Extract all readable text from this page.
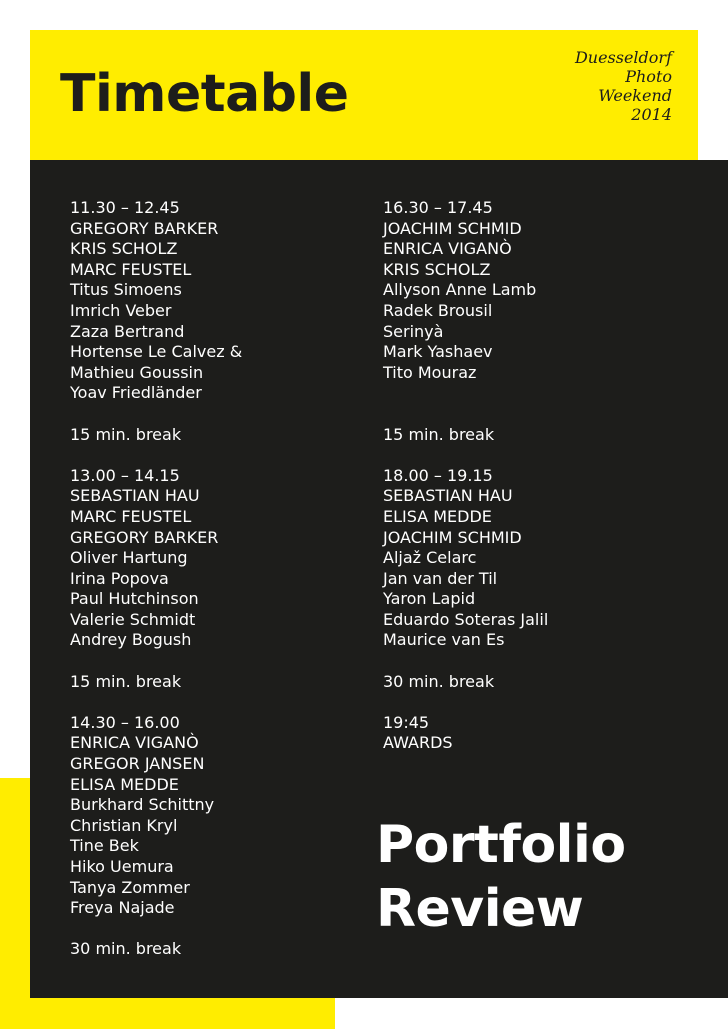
Timetable
Duesseldorf
Photo
Weekend
2014
11.30 – 12.45
GREGORY BARKER
KRIS SCHOLZ
MARC FEUSTEL
Titus Simoens
Imrich Veber
Zaza Bertrand
Hortense Le Calvez &
Mathieu Goussin
Yoav Friedländer
15 min. break
13.00 – 14.15
SEBASTIAN HAU
MARC FEUSTEL
GREGORY BARKER
Oliver Hartung
Irina Popova
Paul Hutchinson
Valerie Schmidt
Andrey Bogush
15 min. break
14.30 – 16.00
ENRICA VIGANÒ
GREGOR JANSEN
ELISA MEDDE
Burkhard Schittny
Christian Kryl
Tine Bek
Hiko Uemura
Tanya Zommer
Freya Najade
30 min. break
16.30 – 17.45
JOACHIM SCHMID
ENRICA VIGANÒ
KRIS SCHOLZ
Allyson Anne Lamb
Radek Brousil
Serinyà
Mark Yashaev
Tito Mouraz
15 min. break
18.00 – 19.15
SEBASTIAN HAU
ELISA MEDDE
JOACHIM SCHMID
Aljaž Celarc
Jan van der Til
Yaron Lapid
Eduardo Soteras Jalil
Maurice van Es
30 min. break
19:45
AWARDS
Portfolio
Review
